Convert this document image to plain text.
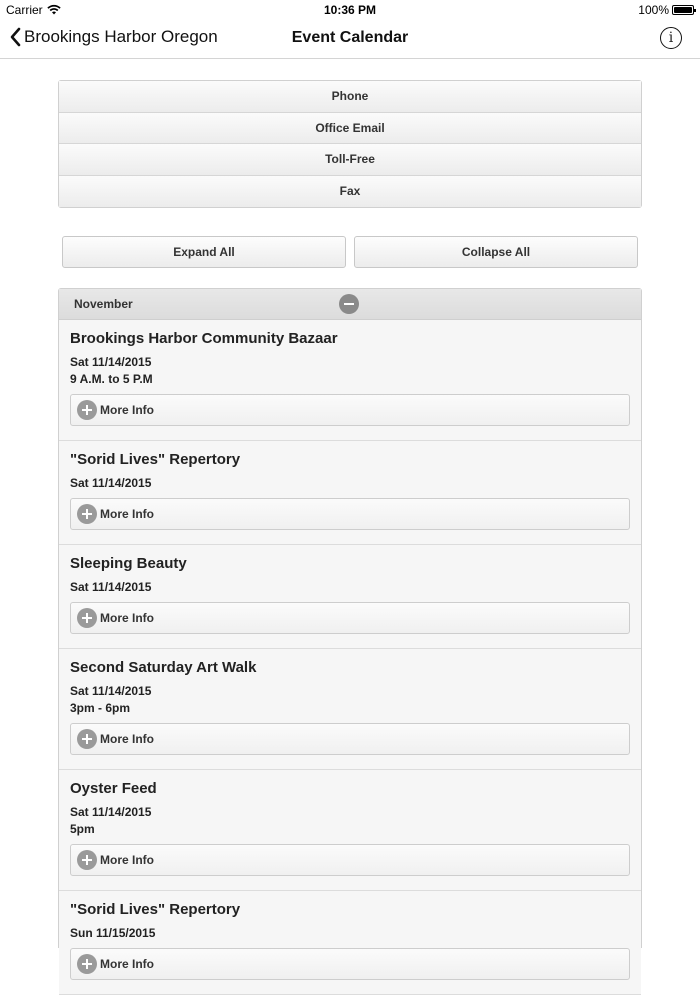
Carrier	10:36 PM	100%
Brookings Harbor Oregon	Event Calendar	i
Phone
Office Email
Toll-Free
Fax
Expand All	Collapse All
November
Brookings Harbor Community Bazaar
Sat 11/14/2015
9 A.M. to 5 P.M
More Info
"Sorid Lives" Repertory
Sat 11/14/2015
More Info
Sleeping Beauty
Sat 11/14/2015
More Info
Second Saturday Art Walk
Sat 11/14/2015
3pm - 6pm
More Info
Oyster Feed
Sat 11/14/2015
5pm
More Info
"Sorid Lives" Repertory
Sun 11/15/2015
More Info
